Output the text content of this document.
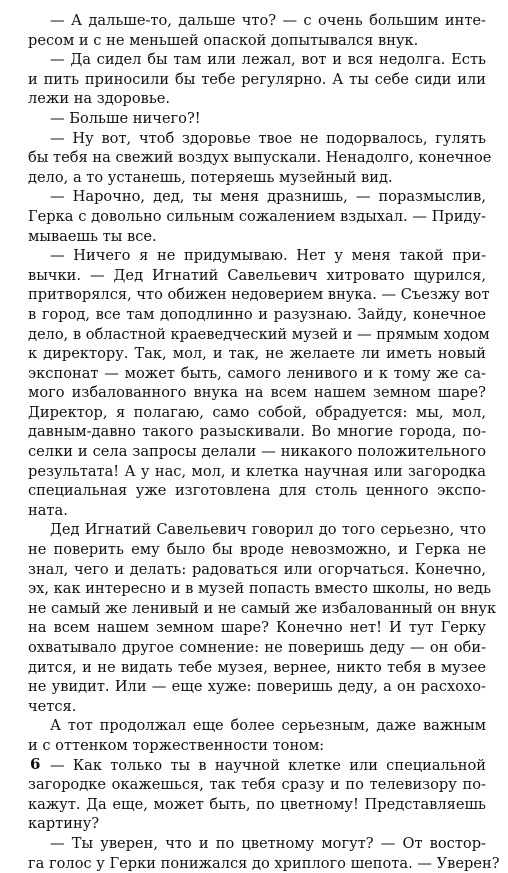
— А дальше-то, дальше что? — с очень большим инте-
ресом и с не меньшей опаской допытывался внук.
— Да сидел бы там или лежал, вот и вся недолга. Есть
и пить приносили бы тебе регулярно. А ты себе сиди или
лежи на здоровье.
— Больше ничего?!
— Ну вот, чтоб здоровье твое не подорвалось, гулять
бы тебя на свежий воздух выпускали. Ненадолго, конечное
дело, а то устанешь, потеряешь музейный вид.
— Нарочно, дед, ты меня дразнишь, — поразмыслив,
Герка с довольно сильным сожалением вздыхал. — Приду-
мываешь ты все.
— Ничего я не придумываю. Нет у меня такой при-
вычки. — Дед Игнатий Савельевич хитровато щурился,
притворялся, что обижен недоверием внука. — Съезжу вот
в город, все там доподлинно и разузнаю. Зайду, конечное
дело, в областной краеведческий музей и — прямым ходом
к директору. Так, мол, и так, не желаете ли иметь новый
экспонат — может быть, самого ленивого и к тому же са-
мого избалованного внука на всем нашем земном шаре?
Директор, я полагаю, само собой, обрадуется: мы, мол,
давным-давно такого разыскивали. Во многие города, по-
селки и села запросы делали — никакого положительного
результата! А у нас, мол, и клетка научная или загородка
специальная уже изготовлена для столь ценного экспо-
ната.
Дед Игнатий Савельевич говорил до того серьезно, что
не поверить ему было бы вроде невозможно, и Герка не
знал, чего и делать: радоваться или огорчаться. Конечно,
эх, как интересно и в музей попасть вместо школы, но ведь
не самый же ленивый и не самый же избалованный он внук
на всем нашем земном шаре? Конечно нет! И тут Герку
охватывало другое сомнение: не поверишь деду — он оби-
дится, и не видать тебе музея, вернее, никто тебя в музее
не увидит. Или — еще хуже: поверишь деду, а он расхохо-
чется.
А тот продолжал еще более серьезным, даже важным
и с оттенком торжественности тоном:
— Как только ты в научной клетке или специальной
загородке окажешься, так тебя сразу и по телевизору по-
кажут. Да еще, может быть, по цветному! Представляешь
картину?
— Ты уверен, что и по цветному могут? — От востор-
га голос у Герки понижался до хриплого шепота. — Уверен?
6
